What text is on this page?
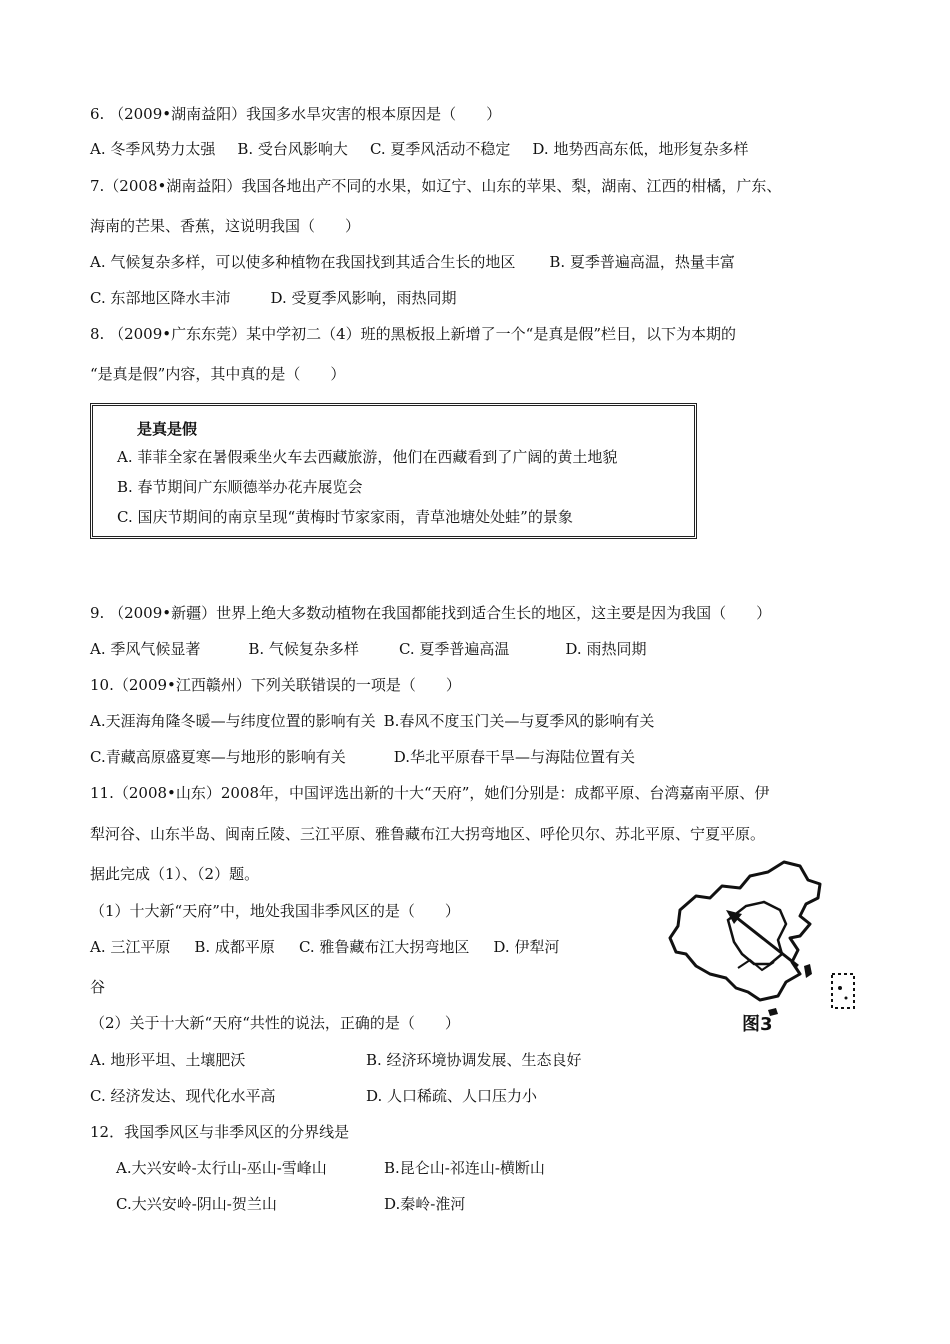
6. （2009•湖南益阳）我国多水旱灾害的根本原因是（　　）
A. 冬季风势力太强 B. 受台风影响大 C. 夏季风活动不稳定 D. 地势西高东低，地形复杂多样
7.（2008•湖南益阳）我国各地出产不同的水果，如辽宁、山东的苹果、梨，湖南、江西的柑橘，广东、
海南的芒果、香蕉，这说明我国（　　）
A. 气候复杂多样，可以使多种植物在我国找到其适合生长的地区 B. 夏季普遍高温，热量丰富
C. 东部地区降水丰沛	D. 受夏季风影响，雨热同期
8. （2009•广东东莞）某中学初二（4）班的黑板报上新增了一个“是真是假”栏目，以下为本期的
“是真是假”内容，其中真的是（　　）
是真是假
A. 菲菲全家在暑假乘坐火车去西藏旅游，他们在西藏看到了广阔的黄土地貌
B. 春节期间广东顺德举办花卉展览会
C. 国庆节期间的南京呈现“黄梅时节家家雨，青草池塘处处蛙”的景象
9. （2009•新疆）世界上绝大多数动植物在我国都能找到适合生长的地区，这主要是因为我国（　　）
A. 季风气候显著	B. 气候复杂多样	C. 夏季普遍高温	D. 雨热同期
10.（2009•江西赣州）下列关联错误的一项是（　　）
A.天涯海角隆冬暖—与纬度位置的影响有关 B.春风不度玉门关—与夏季风的影响有关
C.青藏高原盛夏寒—与地形的影响有关	D.华北平原春干旱—与海陆位置有关
11.（2008•山东）2008年，中国评选出新的十大“天府”，她们分别是：成都平原、台湾嘉南平原、伊
犁河谷、山东半岛、闽南丘陵、三江平原、雅鲁藏布江大拐弯地区、呼伦贝尔、苏北平原、宁夏平原。
据此完成（1）、（2）题。
（1）十大新“天府”中，地处我国非季风区的是（　　）
A. 三江平原 B. 成都平原 C. 雅鲁藏布江大拐弯地区 D. 伊犁河
谷
（2）关于十大新“天府“共性的说法，正确的是（　　）
A. 地形平坦、土壤肥沃	B. 经济环境协调发展、生态良好
C. 经济发达、现代化水平高	D. 人口稀疏、人口压力小
图3
12．我国季风区与非季风区的分界线是
A.大兴安岭-太行山-巫山-雪峰山	B.昆仑山-祁连山-横断山
C.大兴安岭-阴山-贺兰山	D.秦岭-淮河
